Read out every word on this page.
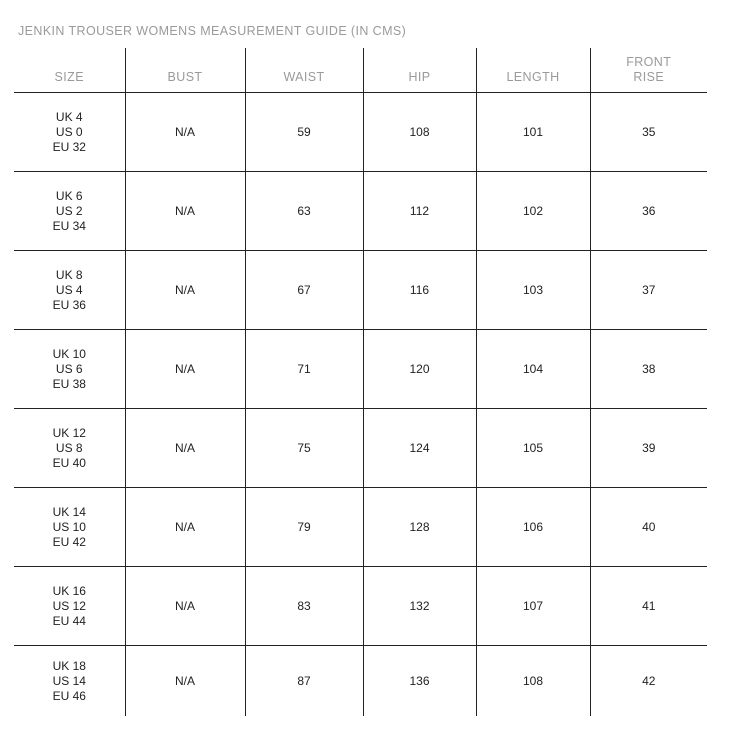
JENKIN TROUSER WOMENS MEASUREMENT GUIDE (IN CMS)
SIZE	BUST	WAIST	HIP	LENGTH	FRONT RISE

UK 4
US 0
EU 32	N/A	59	108	101	35

UK 6
US 2
EU 34	N/A	63	112	102	36

UK 8
US 4
EU 36	N/A	67	116	103	37

UK 10
US 6
EU 38	N/A	71	120	104	38

UK 12
US 8
EU 40	N/A	75	124	105	39

UK 14
US 10
EU 42	N/A	79	128	106	40

UK 16
US 12
EU 44	N/A	83	132	107	41

UK 18
US 14
EU 46	N/A	87	136	108	42
